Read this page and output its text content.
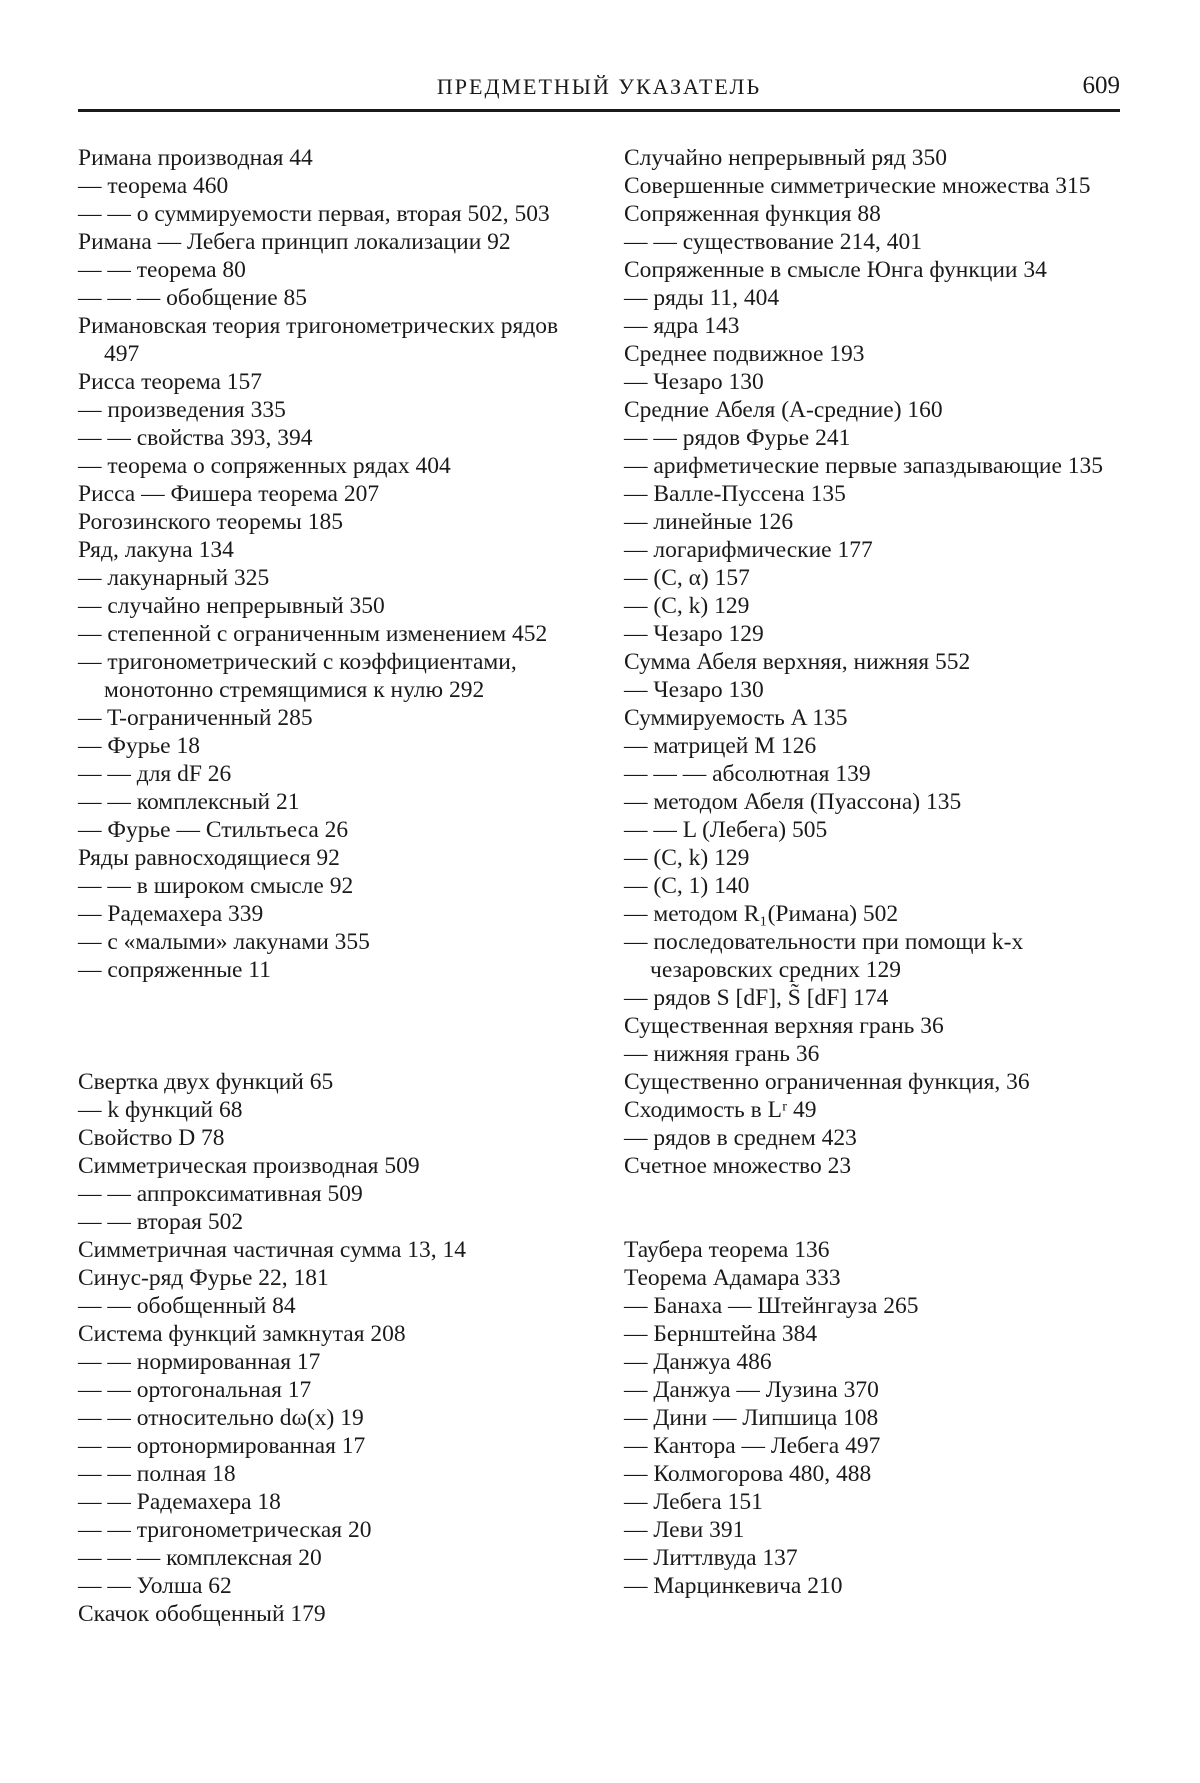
ПРЕДМЕТНЫЙ УКАЗАТЕЛЬ	609
Римана производная 44
— теорема 460
— — о суммируемости первая, вторая 502, 503
Римана — Лебега принцип локализации 92
— — теорема 80
— — — обобщение 85
Римановская теория тригонометрических рядов 497
Рисса теорема 157
— произведения 335
— — свойства 393, 394
— теорема о сопряженных рядах 404
Рисса — Фишера теорема 207
Рогозинского теоремы 185
Ряд, лакуна 134
— лакунарный 325
— случайно непрерывный 350
— степенной с ограниченным изменением 452
— тригонометрический с коэффициентами, монотонно стремящимися к нулю 292
— T-ограниченный 285
— Фурье 18
— — для dF 26
— — комплексный 21
— Фурье — Стильтьеса 26
Ряды равносходящиеся 92
— — в широком смысле 92
— Радемахера 339
— с «малыми» лакунами 355
— сопряженные 11
Свертка двух функций 65
— k функций 68
Свойство D 78
Симметрическая производная 509
— — аппроксимативная 509
— — вторая 502
Симметричная частичная сумма 13, 14
Синус-ряд Фурье 22, 181
— — обобщенный 84
Система функций замкнутая 208
— — нормированная 17
— — ортогональная 17
— — относительно dω(x) 19
— — ортонормированная 17
— — полная 18
— — Радемахера 18
— — тригонометрическая 20
— — — комплексная 20
— — Уолша 62
Скачок обобщенный 179
Случайно непрерывный ряд 350
Совершенные симметрические множества 315
Сопряженная функция 88
— — существование 214, 401
Сопряженные в смысле Юнга функции 34
— ряды 11, 404
— ядра 143
Среднее подвижное 193
— Чезаро 130
Средние Абеля (A-средние) 160
— — рядов Фурье 241
— арифметические первые запаздывающие 135
— Валле-Пуссена 135
— линейные 126
— логарифмические 177
— (C, α) 157
— (C, k) 129
— Чезаро 129
Сумма Абеля верхняя, нижняя 552
— Чезаро 130
Суммируемость A 135
— матрицей M 126
— — — абсолютная 139
— методом Абеля (Пуассона) 135
— — L (Лебега) 505
— (C, k) 129
— (C, 1) 140
— методом R₁(Римана) 502
— последовательности при помощи k-x чезаровских средних 129
— рядов S [dF], S̃ [dF] 174
Существенная верхняя грань 36
— нижняя грань 36
Существенно ограниченная функция, 36
Сходимость в Lʳ 49
— рядов в среднем 423
Счетное множество 23
Таубера теорема 136
Теорема Адамара 333
— Банаха — Штейнгауза 265
— Бернштейна 384
— Данжуа 486
— Данжуа — Лузина 370
— Дини — Липшица 108
— Кантора — Лебега 497
— Колмогорова 480, 488
— Лебега 151
— Леви 391
— Литтлвуда 137
— Марцинкевича 210
